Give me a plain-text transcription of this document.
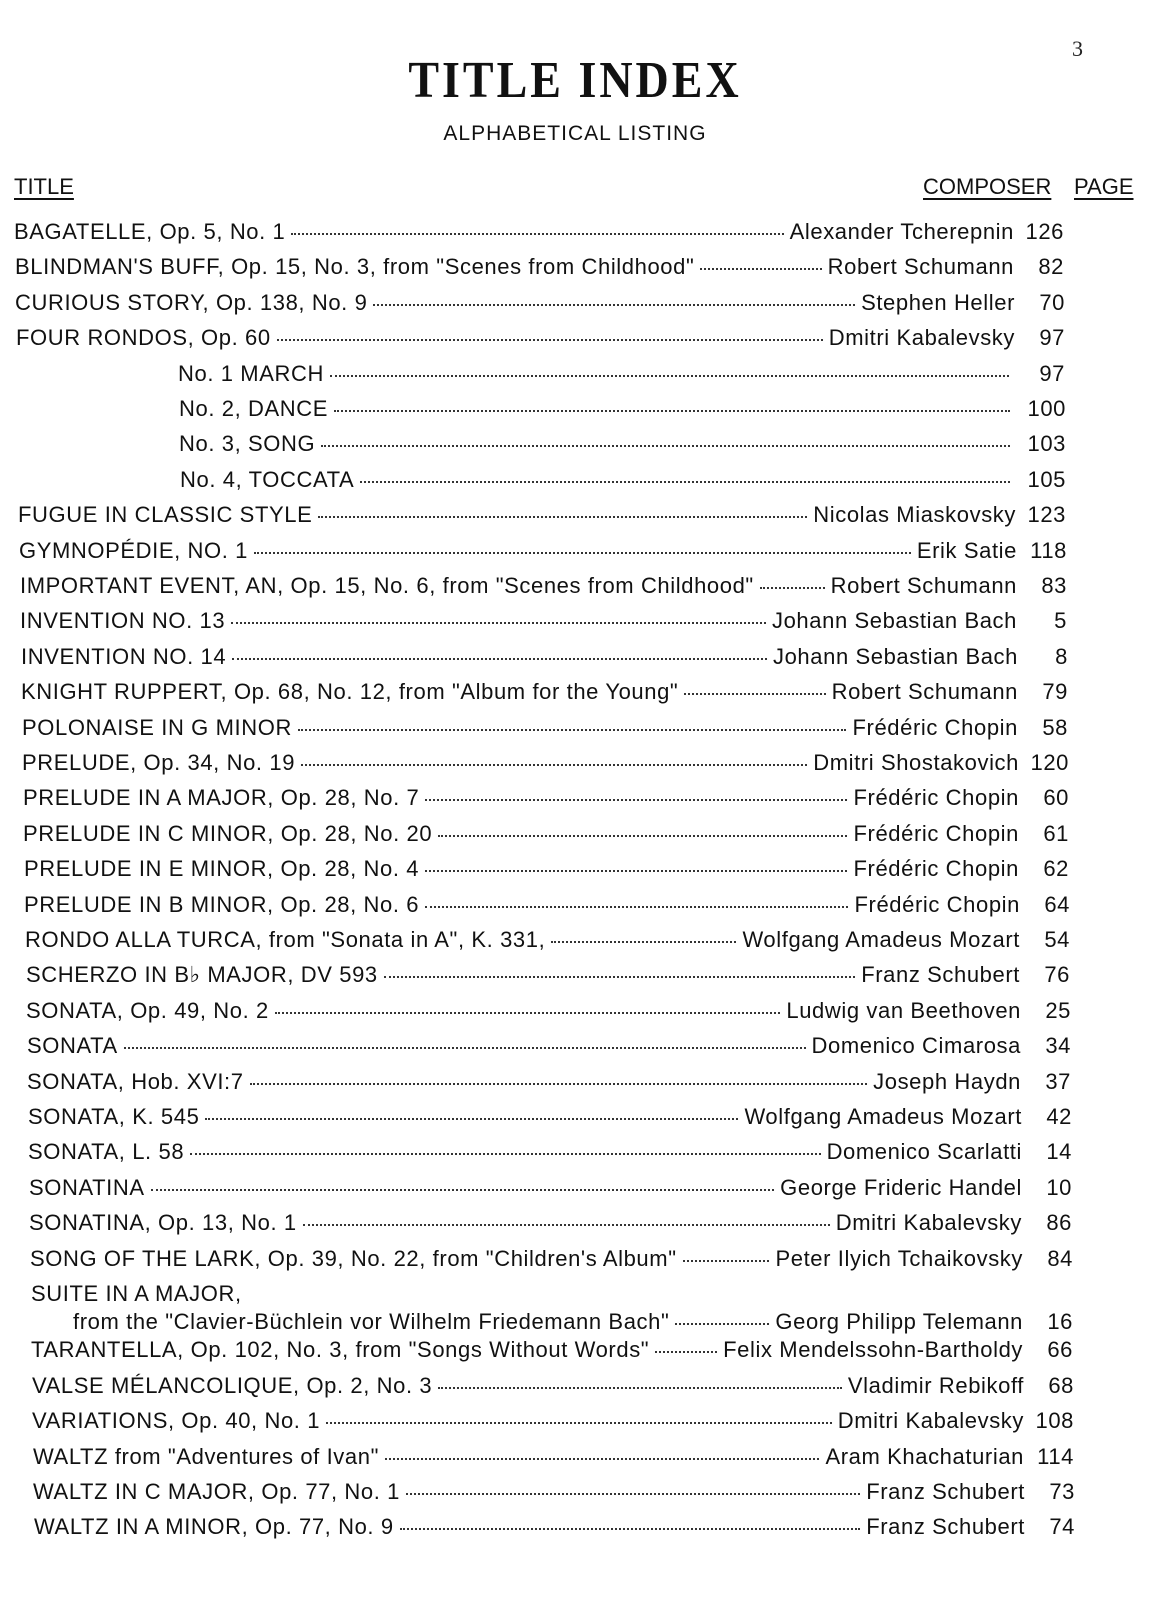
3
TITLE INDEX
ALPHABETICAL LISTING
TITLE	COMPOSER PAGE
BAGATELLE, Op. 5, No. 1	Alexander Tcherepnin 126
BLINDMAN'S BUFF, Op. 15, No. 3, from "Scenes from Childhood"	Robert Schumann	82
CURIOUS STORY, Op. 138, No. 9	Stephen Heller	70
FOUR RONDOS, Op. 60	Dmitri Kabalevsky	97
No. 1 MARCH	97
No. 2, DANCE	100
No. 3, SONG	103
No. 4, TOCCATA	105
FUGUE IN CLASSIC STYLE	Nicolas Miaskovsky 123
GYMNOPÉDIE, NO. 1	Erik Satie 118
IMPORTANT EVENT, AN, Op. 15, No. 6, from "Scenes from Childhood"	Robert Schumann	83
INVENTION NO. 13	Johann Sebastian Bach	5
INVENTION NO. 14	Johann Sebastian Bach	8
KNIGHT RUPPERT, Op. 68, No. 12, from "Album for the Young"	Robert Schumann	79
POLONAISE IN G MINOR	Frédéric Chopin	58
PRELUDE, Op. 34, No. 19	Dmitri Shostakovich 120
PRELUDE IN A MAJOR, Op. 28, No. 7	Frédéric Chopin	60
PRELUDE IN C MINOR, Op. 28, No. 20	Frédéric Chopin	61
PRELUDE IN E MINOR, Op. 28, No. 4	Frédéric Chopin	62
PRELUDE IN B MINOR, Op. 28, No. 6	Frédéric Chopin	64
RONDO ALLA TURCA, from "Sonata in A", K. 331,	Wolfgang Amadeus Mozart	54
SCHERZO IN B♭ MAJOR, DV 593	Franz Schubert	76
SONATA, Op. 49, No. 2	Ludwig van Beethoven	25
SONATA	Domenico Cimarosa	34
SONATA, Hob. XVI:7	Joseph Haydn	37
SONATA, K. 545	Wolfgang Amadeus Mozart	42
SONATA, L. 58	Domenico Scarlatti	14
SONATINA	George Frideric Handel	10
SONATINA, Op. 13, No. 1	Dmitri Kabalevsky	86
SONG OF THE LARK, Op. 39, No. 22, from "Children's Album"	Peter Ilyich Tchaikovsky	84
SUITE IN A MAJOR,
from the "Clavier-Büchlein vor Wilhelm Friedemann Bach"	Georg Philipp Telemann	16
TARANTELLA, Op. 102, No. 3, from "Songs Without Words"	Felix Mendelssohn-Bartholdy	66
VALSE MÉLANCOLIQUE, Op. 2, No. 3	Vladimir Rebikoff	68
VARIATIONS, Op. 40, No. 1	Dmitri Kabalevsky 108
WALTZ from "Adventures of Ivan"	Aram Khachaturian 114
WALTZ IN C MAJOR, Op. 77, No. 1	Franz Schubert	73
WALTZ IN A MINOR, Op. 77, No. 9	Franz Schubert	74
